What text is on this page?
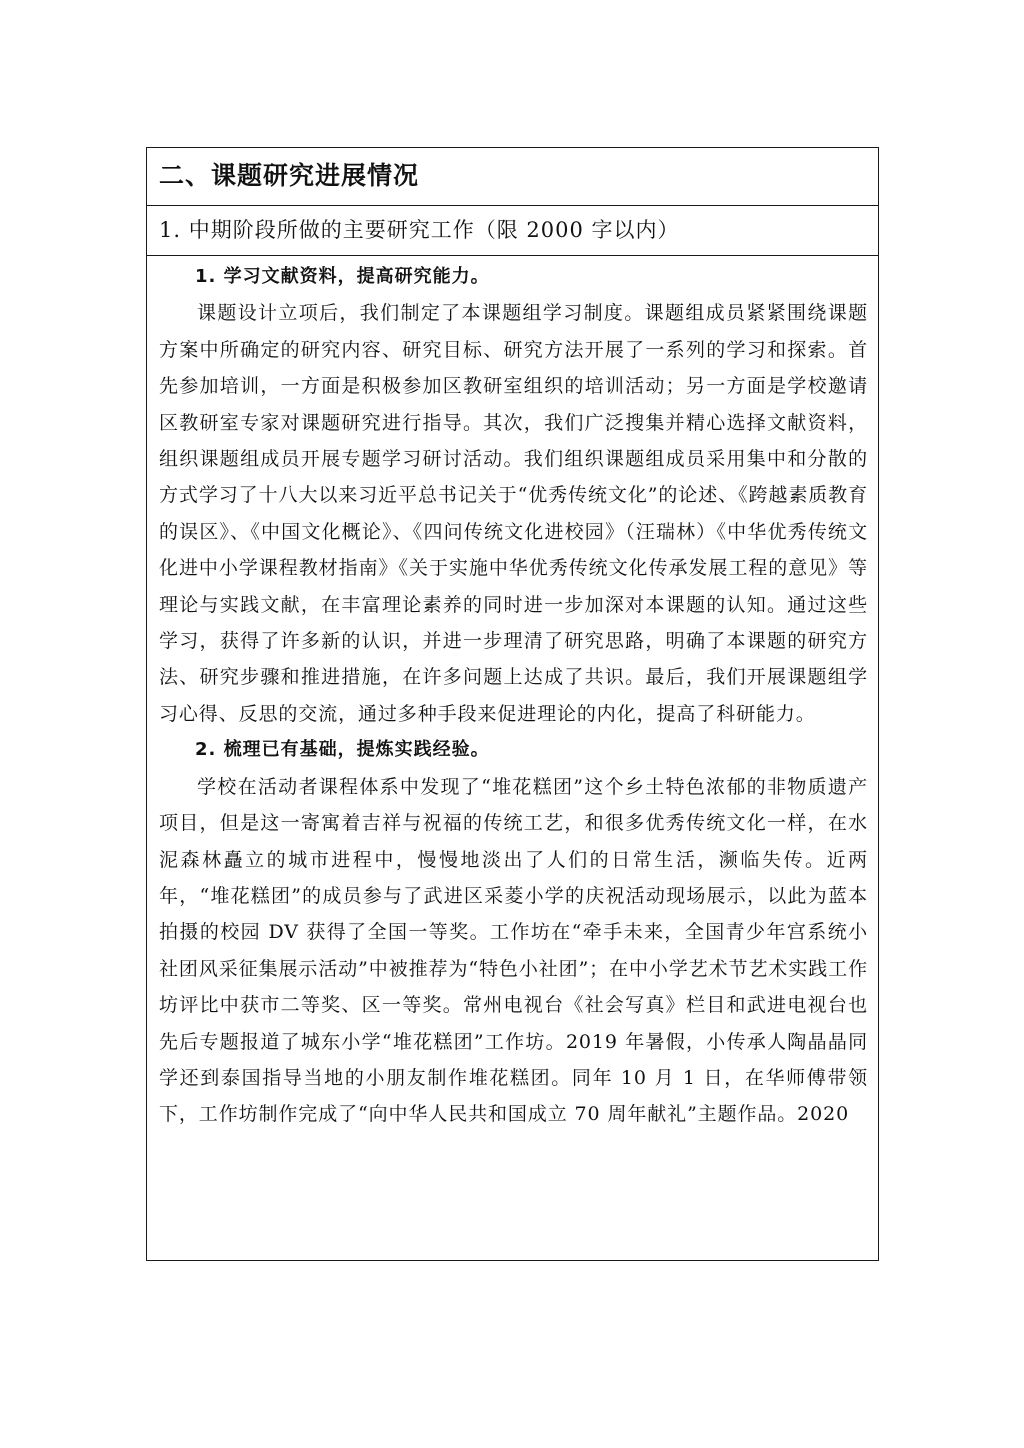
二、课题研究进展情况
1. 中期阶段所做的主要研究工作（限 2000 字以内）

1. 学习文献资料，提高研究能力。

课题设计立项后，我们制定了本课题组学习制度。课题组成员紧紧围绕课题方案中所确定的研究内容、研究目标、研究方法开展了一系列的学习和探索。首先参加培训，一方面是积极参加区教研室组织的培训活动；另一方面是学校邀请区教研室专家对课题研究进行指导。其次，我们广泛搜集并精心选择文献资料，组织课题组成员开展专题学习研讨活动。我们组织课题组成员采用集中和分散的方式学习了十八大以来习近平总书记关于“优秀传统文化”的论述、《跨越素质教育的误区》、《中国文化概论》、《四问传统文化进校园》（汪瑞林）《中华优秀传统文化进中小学课程教材指南》《关于实施中华优秀传统文化传承发展工程的意见》等理论与实践文献，在丰富理论素养的同时进一步加深对本课题的认知。通过这些学习，获得了许多新的认识，并进一步理清了研究思路，明确了本课题的研究方法、研究步骤和推进措施，在许多问题上达成了共识。最后，我们开展课题组学习心得、反思的交流，通过多种手段来促进理论的内化，提高了科研能力。

2. 梳理已有基础，提炼实践经验。

学校在活动者课程体系中发现了“堆花糕团”这个乡土特色浓郁的非物质遗产项目，但是这一寄寓着吉祥与祝福的传统工艺，和很多优秀传统文化一样，在水泥森林矗立的城市进程中，慢慢地淡出了人们的日常生活，濒临失传。近两年，“堆花糕团”的成员参与了武进区采菱小学的庆祝活动现场展示，以此为蓝本拍摄的校园 DV 获得了全国一等奖。工作坊在“牵手未来，全国青少年宫系统小社团风采征集展示活动”中被推荐为“特色小社团”；在中小学艺术节艺术实践工作坊评比中获市二等奖、区一等奖。常州电视台《社会写真》栏目和武进电视台也先后专题报道了城东小学“堆花糕团”工作坊。2019 年暑假，小传承人陶晶晶同学还到泰国指导当地的小朋友制作堆花糕团。同年 10 月 1 日，在华师傅带领下，工作坊制作完成了“向中华人民共和国成立 70 周年献礼”主题作品。2020
